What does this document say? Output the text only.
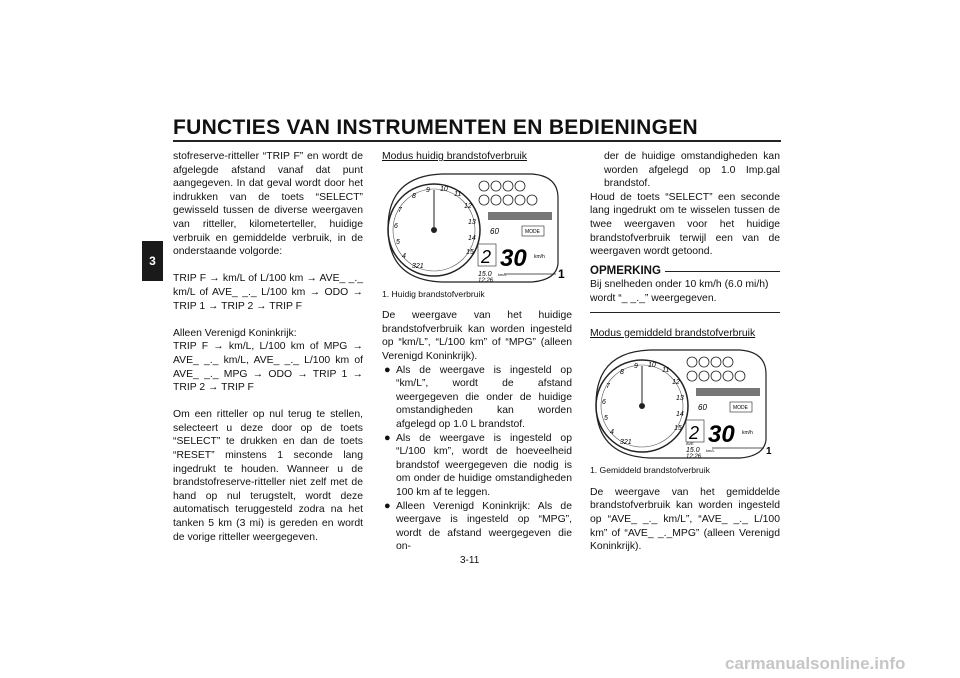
FUNCTIES VAN INSTRUMENTEN EN BEDIENINGEN
3

stofreserve-ritteller “TRIP F” en wordt de afgelegde afstand vanaf dat punt aangegeven. In dat geval wordt door het indrukken van de toets “SELECT” gewisseld tussen de diverse weergaven van ritteller, kilometerteller, huidige verbruik en gemiddelde verbruik, in de onderstaande volgorde:

TRIP F → km/L of L/100 km → AVE_ _._ km/L of AVE_ _._ L/100 km → ODO → TRIP 1 → TRIP 2 → TRIP F

Alleen Verenigd Koninkrijk:

TRIP F → km/L, L/100 km of MPG → AVE_ _._ km/L, AVE_ _._ L/100 km of AVE_ _._ MPG → ODO → TRIP 1 → TRIP 2 → TRIP F

Om een ritteller op nul terug te stellen, selecteert u deze door op de toets “SELECT” te drukken en dan de toets “RESET” minstens 1 seconde lang ingedrukt te houden. Wanneer u de brandstofreserve-ritteller niet zelf met de hand op nul terugstelt, wordt deze automatisch teruggesteld zodra na het tanken 5 km (3 mi) is gereden en wordt de vorige ritteller weergegeven.

Modus huidig brandstofverbruik

8
9 10
11
12
13
14
15
7
6
5
4
321
60	MODE
2 30 km/h
15.0 km/L
12:26	1

1. Huidig brandstofverbruik

De weergave van het huidige brandstofverbruik kan worden ingesteld op “km/L”, “L/100 km” of “MPG” (alleen Verenigd Koninkrijk).

● Als de weergave is ingesteld op “km/L”, wordt de afstand weergegeven die onder de huidige omstandigheden kan worden afgelegd op 1.0 L brandstof.
● Als de weergave is ingesteld op “L/100 km”, wordt de hoeveelheid brandstof weergegeven die nodig is om onder de huidige omstandigheden 100 km af te leggen.
● Alleen Verenigd Koninkrijk: Als de weergave is ingesteld op “MPG”, wordt de afstand weergegeven die on-

der de huidige omstandigheden kan worden afgelegd op 1.0 Imp.gal brandstof.

Houd de toets “SELECT” een seconde lang ingedrukt om te wisselen tussen de twee weergaven voor het huidige brandstofverbruik terwijl een van de weergaven wordt getoond.

OPMERKING

Bij snelheden onder 10 km/h (6.0 mi/h) wordt “_ _._” weergegeven.

Modus gemiddeld brandstofverbruik

8
9 10
11
12
13
14
15
7
6
5
4
321
60	MODE
2 30 km/h
AVE
15.0 km/L
12:26	1

1. Gemiddeld brandstofverbruik

De weergave van het gemiddelde brandstofverbruik kan worden ingesteld op “AVE_ _._ km/L”, “AVE_ _._ L/100 km” of “AVE_ _._MPG” (alleen Verenigd Koninkrijk).

3-11
carmanualsonline.info
